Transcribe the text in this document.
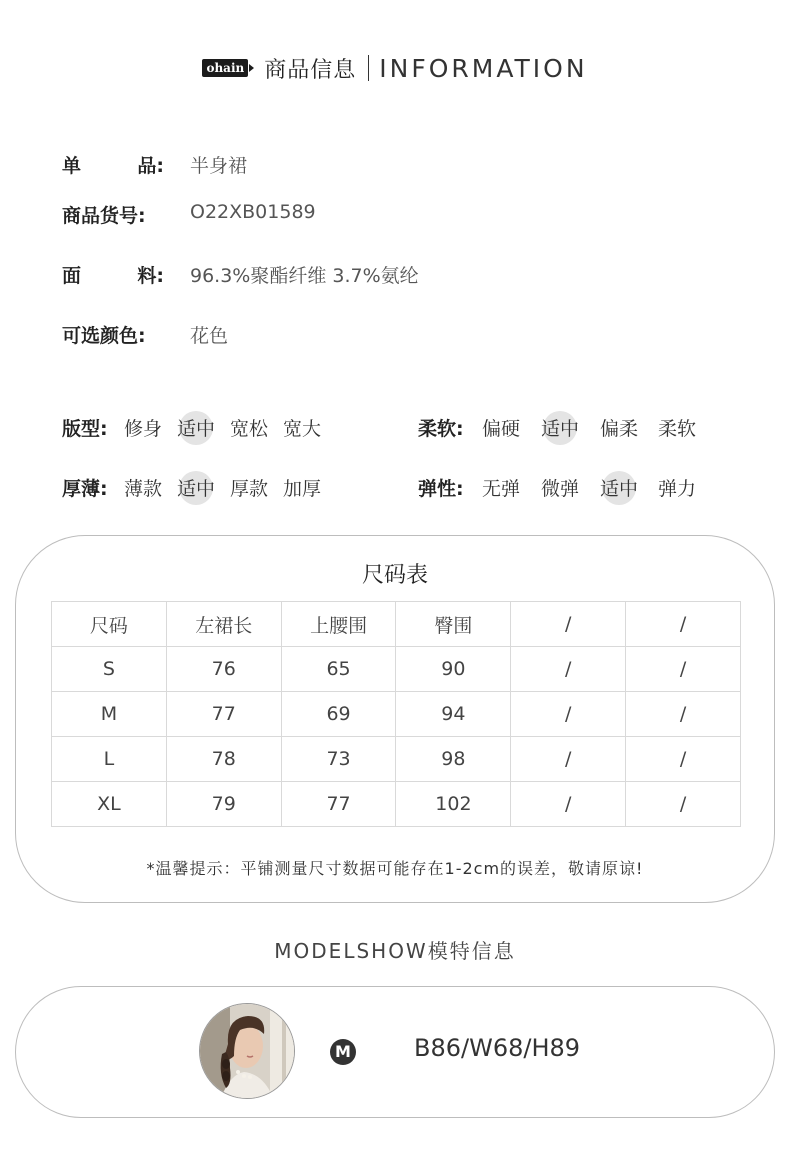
ohain 商品信息 INFORMATION
单	品: 半身裙
商品货号: O22XB01589
面	料: 96.3%聚酯纤维 3.7%氨纶
可选颜色: 花色
版型: 修身 适中 宽松 宽大	柔软: 偏硬 适中 偏柔 柔软
厚薄: 薄款 适中 厚款 加厚	弹性: 无弹 微弹 适中 弹力
尺码表
尺码	左裙长	上腰围	臀围	/	/
S	76	65	90	/	/
M	77	69	94	/	/
L	78	73	98	/	/
XL	79	77	102	/	/
*温馨提示：平铺测量尺寸数据可能存在1-2cm的误差，敬请原谅!
MODELSHOW模特信息
M	B86/W68/H89
